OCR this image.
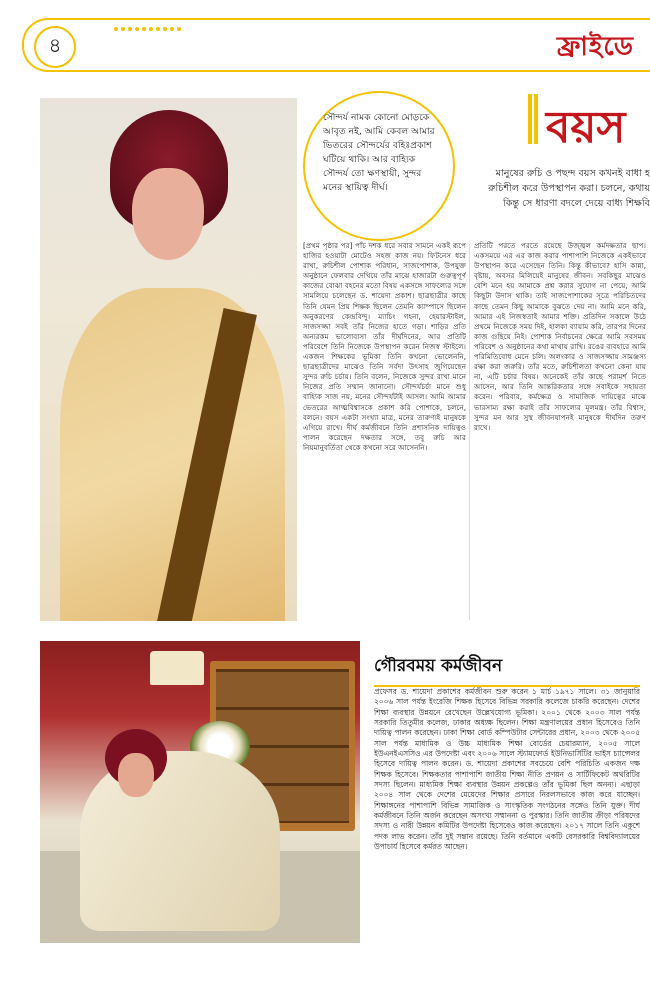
৪	ফ্রাইডে
সৌন্দর্য নামক কোনো মোড়কে আবৃত নই, আমি কেবল আমার ভিতরের সৌন্দর্যের বহিঃপ্রকাশ ঘটিয়ে থাকি। আর বাহ্যিক সৌন্দর্য তো ক্ষণস্থায়ী, সুন্দর মনের স্থায়িত্ব দীর্ঘ।
বয়স
মানুষের রুচি ও পছন্দ বয়স কখনই বাধা হ
রুচিশীল করে উপস্থাপন করা। চলনে, কথায়
কিন্তু সে ধারণা বদলে দেয়ে বাধ্য শিক্ষবি
[প্রথম পৃষ্ঠার পর] পাঁচ দশক ধরে সবার সামনে একই রূপে হাজির হওয়াটা মোটেও সহজ কাজ নয়। ফিটনেস ধরে রাখা, রুচিশীল পোশাক পরিধান, সাজপোশাক, উপযুক্ত অনুষ্ঠানে ফেলবার দেখিয়ে তাঁর মাঝে হাজারটা গুরুত্বপূর্ণ কাজের বোঝা বহনের মতো বিষয় একসঙ্গে সাফল্যের সঙ্গে সামলিয়ে চলেছেন ড. শায়েদা প্রকাশ। ছাত্রছাত্রীর কাছে তিনি যেমন প্রিয় শিক্ষক ছিলেন তেমনি ক্যাম্পাসে ছিলেন অনুকরণের কেন্দ্রবিন্দু। ম্যাচিং গহনা, হেয়ারস্টাইল, সাজসজ্জা সবই তাঁর নিজের হাতে গড়া। শাড়ির প্রতি অন্যরকম ভালোবাসা তাঁর দীর্ঘদিনের, আর প্রতিটি পরিবেশে তিনি নিজেকে উপস্থাপন করেন নিজস্ব স্টাইলে। একজন শিক্ষকের ভূমিকা তিনি কখনো ভোলেননি, ছাত্রছাত্রীদের মাঝেও তিনি সর্বদা উৎসাহ জুগিয়েছেন সুন্দর রুচি চর্চায়। তিনি বলেন, নিজেকে সুন্দর রাখা মানে নিজের প্রতি সম্মান জানানো। সৌন্দর্যচর্চা মানে শুধু বাহ্যিক সাজ নয়, মনের সৌন্দর্যটাই আসল। আমি আমার ভেতরের আত্মবিশ্বাসকে প্রকাশ করি পোশাকে, চলনে, বলনে। বয়স একটা সংখ্যা মাত্র, মনের তারুণ্যই মানুষকে এগিয়ে রাখে। দীর্ঘ কর্মজীবনে তিনি প্রশাসনিক দায়িত্বও পালন করেছেন দক্ষতার সঙ্গে, তবু রুচি আর নিয়মানুবর্তিতা থেকে কখনো সরে আসেননি।
প্রতিটি পরতে পরতে রয়েছে উজ্জ্বল কর্মদক্ষতার ছাপ। একসময়ে এর এর কাজ করার পাশাপাশি নিজেকে একইভাবে উপস্থাপন করে এসেছেন তিনি। কিন্তু কীভাবে? হাসি কান্না, বৃষ্টায়, অবসর মিলিয়েই মানুষের জীবন। সবকিছুর মাঝেও বেশি মনে হয় আমাকে প্রশ্ন করার সুযোগ না পেয়ে, আমি কিছুটা উদাস থাকি। তাই সাজপোশাকের সূত্রে পরিচিতদের কাছে তেমন কিছু আমাকে বুঝতে দেয় না। আমি মনে করি, আমার এই নিজস্বতাই আমার শক্তি। প্রতিদিন সকালে উঠে প্রথমে নিজেকে সময় দিই, হালকা ব্যায়াম করি, তারপর দিনের কাজ গুছিয়ে নিই। পোশাক নির্বাচনের ক্ষেত্রে আমি সবসময় পরিবেশ ও অনুষ্ঠানের কথা মাথায় রাখি। রঙের ব্যবহারে আমি পরিমিতিবোধ মেনে চলি। অলংকার ও সাজসজ্জায় সামঞ্জস্য রক্ষা করা জরুরি। তাঁর মতে, রুচিশীলতা কখনো কেনা যায় না, এটি চর্চার বিষয়। অনেকেই তাঁর কাছে পরামর্শ নিতে আসেন, আর তিনি আন্তরিকতার সঙ্গে সবাইকে সহায়তা করেন। পরিবার, কর্মক্ষেত্র ও সামাজিক দায়িত্বের মাঝে ভারসাম্য রক্ষা করাই তাঁর সাফল্যের মূলমন্ত্র। তাঁর বিশ্বাস, সুন্দর মন আর সুস্থ জীবনযাপনই মানুষকে দীর্ঘদিন তরুণ রাখে।
গৌরবময় কর্মজীবন
প্রফেসর ড. শায়েদা প্রকাশের কর্মজীবন শুরু করেন ১ মার্চ ১৯৭১ সালে। ৩১ জানুয়ারি ২০০৬ সাল পর্যন্ত ইংরেজি শিক্ষক হিসেবে বিভিন্ন সরকারি কলেজে চাকরি করেছেন। দেশের শিক্ষা ব্যবস্থার উন্নয়নে রেখেছেন উল্লেখযোগ্য ভূমিকা। ২০০১ থেকে ২০০৩ সাল পর্যন্ত সরকারি তিতুমীর কলেজ, ঢাকার অধ্যক্ষ ছিলেন। শিক্ষা মন্ত্রণালয়ের প্রধান হিসেবেও তিনি দায়িত্ব পালন করেছেন। ঢাকা শিক্ষা বোর্ড কম্পিউটার সেন্টারের প্রধান, ২০০৩ থেকে ২০০৫ সাল পর্যন্ত মাধ্যমিক ও উচ্চ মাধ্যমিক শিক্ষা বোর্ডের চেয়ারম্যান, ২০০৫ সালে ইউএনইএসসিও এর উপদেষ্টা এবং ২০০৬ সালে স্ট্যামফোর্ড ইউনিভার্সিটির ভাইস চ্যান্সেলর হিসেবে দায়িত্ব পালন করেন। ড. শায়েদা প্রকাশের সবচেয়ে বেশি পরিচিতি একজন দক্ষ শিক্ষক হিসেবে। শিক্ষকতার পাশাপাশি জাতীয় শিক্ষা নীতি প্রণয়ন ও সার্টিফিকেট অথরিটির সদস্য ছিলেন। মাধ্যমিক শিক্ষা ব্যবস্থার উন্নয়ন প্রকল্পেও তাঁর ভূমিকা ছিল অনন্য। এছাড়া ২০০৪ সাল থেকে দেশের মেয়েদের শিক্ষার প্রসারে নিরলসভাবে কাজ করে যাচ্ছেন। শিক্ষাঙ্গনের পাশাপাশি বিভিন্ন সামাজিক ও সাংস্কৃতিক সংগঠনের সঙ্গেও তিনি যুক্ত। দীর্ঘ কর্মজীবনে তিনি অর্জন করেছেন অসংখ্য সম্মাননা ও পুরস্কার। তিনি জাতীয় ক্রীড়া পরিষদের সদস্য ও নারী উন্নয়ন কমিটির উপদেষ্টা হিসেবেও কাজ করেছেন। ২০১৭ সালে তিনি একুশে পদক লাভ করেন। তাঁর দুই সন্তান রয়েছে। তিনি বর্তমানে একটি বেসরকারি বিশ্ববিদ্যালয়ের উপাচার্য হিসেবে কর্মরত আছেন।
